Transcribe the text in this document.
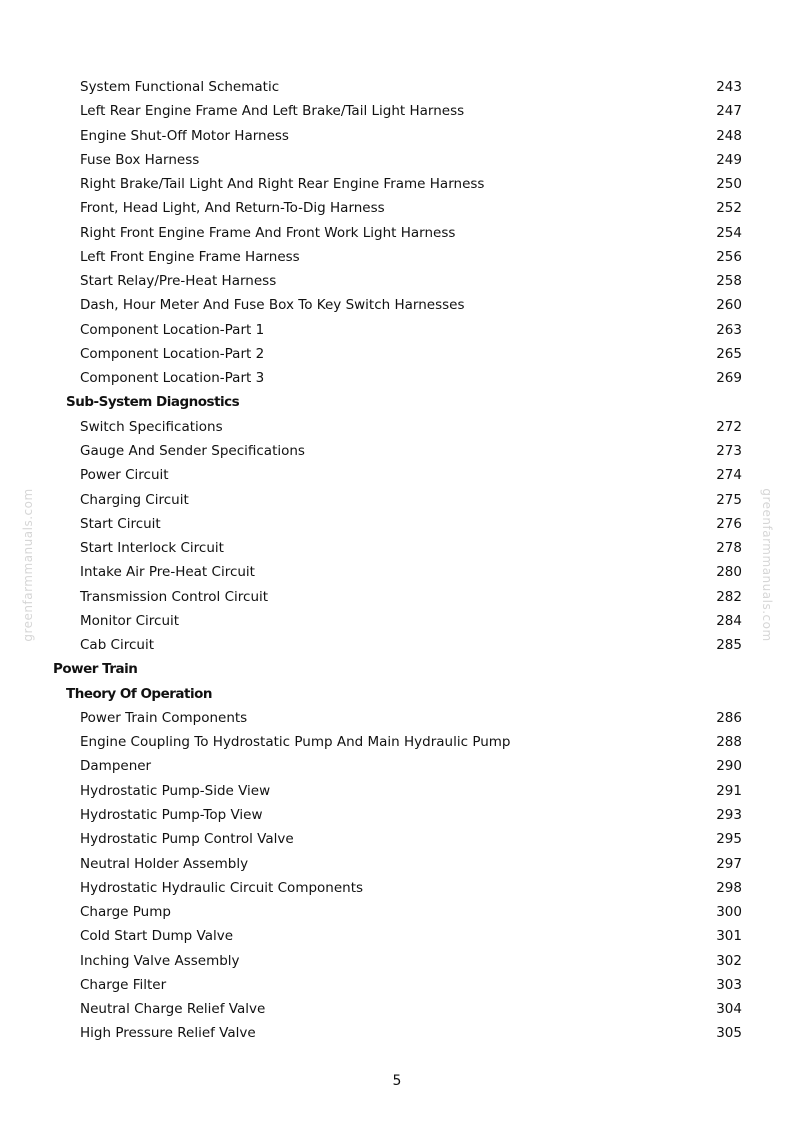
System Functional Schematic	243
Left Rear Engine Frame And Left Brake/Tail Light Harness	247
Engine Shut-Off Motor Harness	248
Fuse Box Harness	249
Right Brake/Tail Light And Right Rear Engine Frame Harness	250
Front, Head Light, And Return-To-Dig Harness	252
Right Front Engine Frame And Front Work Light Harness	254
Left Front Engine Frame Harness	256
Start Relay/Pre-Heat Harness	258
Dash, Hour Meter And Fuse Box To Key Switch Harnesses	260
Component Location-Part 1	263
Component Location-Part 2	265
Component Location-Part 3	269
Sub-System Diagnostics
Switch Specifications	272
Gauge And Sender Specifications	273
Power Circuit	274
Charging Circuit	275
Start Circuit	276
Start Interlock Circuit	278
Intake Air Pre-Heat Circuit	280
Transmission Control Circuit	282
Monitor Circuit	284
Cab Circuit	285
Power Train
Theory Of Operation
Power Train Components	286
Engine Coupling To Hydrostatic Pump And Main Hydraulic Pump	288
Dampener	290
Hydrostatic Pump-Side View	291
Hydrostatic Pump-Top View	293
Hydrostatic Pump Control Valve	295
Neutral Holder Assembly	297
Hydrostatic Hydraulic Circuit Components	298
Charge Pump	300
Cold Start Dump Valve	301
Inching Valve Assembly	302
Charge Filter	303
Neutral Charge Relief Valve	304
High Pressure Relief Valve	305
greenfarmmanuals.com	greenfarmmanuals.com
5
